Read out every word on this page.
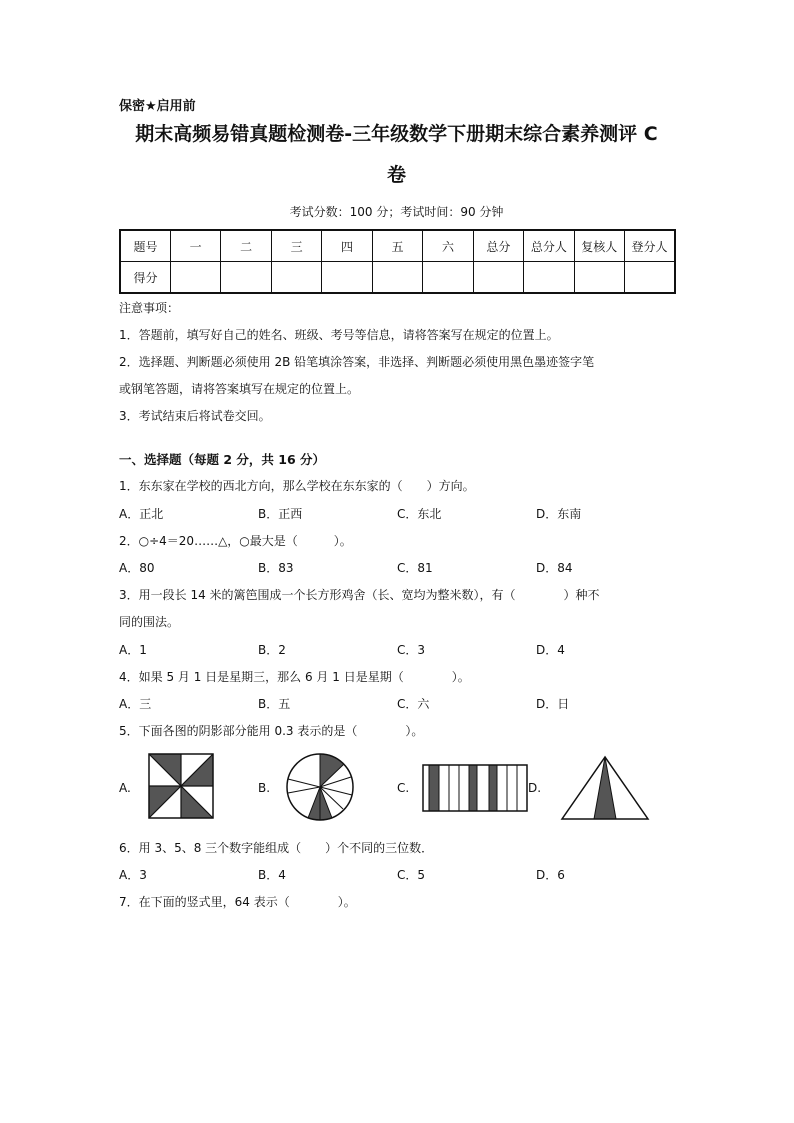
保密★启用前
期末高频易错真题检测卷-三年级数学下册期末综合素养测评 C
卷
考试分数：100 分；考试时间：90 分钟
题号	一	二	三	四	五	六	总分	总分人	复核人	登分人
得分										
注意事项：
1．答题前，填写好自己的姓名、班级、考号等信息，请将答案写在规定的位置上。
2．选择题、判断题必须使用 2B 铅笔填涂答案，非选择、判断题必须使用黑色墨迹签字笔
或钢笔答题，请将答案填写在规定的位置上。
3．考试结束后将试卷交回。
一、选择题（每题 2 分，共 16 分）
1．东东家在学校的西北方向，那么学校在东东家的（　　）方向。
A．正北	B．正西	C．东北	D．东南
2．○÷4＝20……△，○最大是（　　　）。
A．80	B．83	C．81	D．84
3．用一段长 14 米的篱笆围成一个长方形鸡舍（长、宽均为整米数），有（　　　　）种不
同的围法。
A．1	B．2	C．3	D．4
4．如果 5 月 1 日是星期三，那么 6 月 1 日是星期（　　　　）。
A．三	B．五	C．六	D．日
5．下面各图的阴影部分能用 0.3 表示的是（　　　　）。
A.	B.	C.	D.
6．用 3、5、8 三个数字能组成（　　）个不同的三位数．
A．3	B．4	C．5	D．6
7．在下面的竖式里，64 表示（　　　　）。
